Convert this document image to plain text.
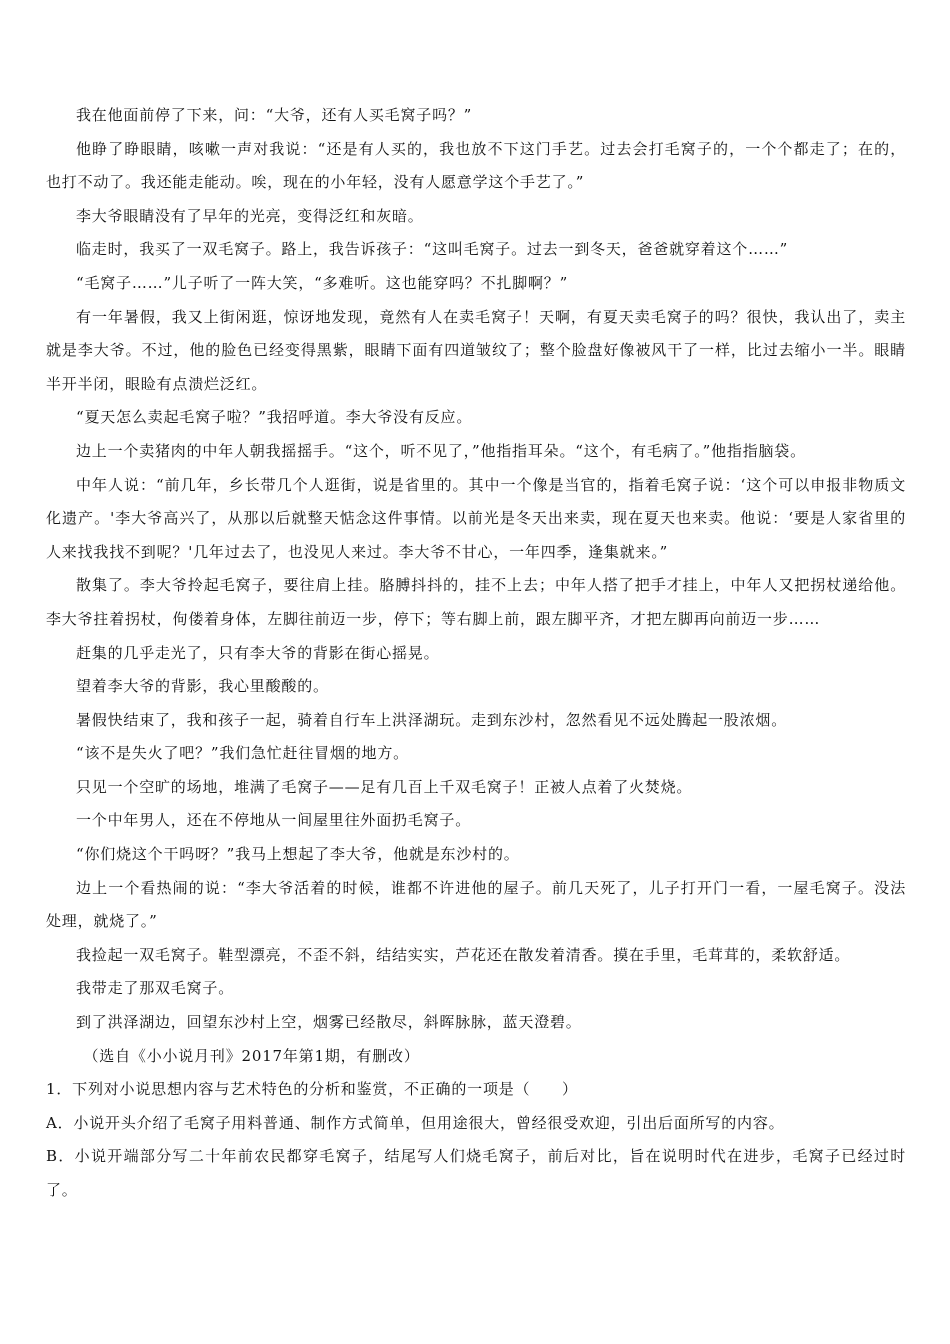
我在他面前停了下来，问：“大爷，还有人买毛窝子吗？”

他睁了睁眼睛，咳嗽一声对我说：“还是有人买的，我也放不下这门手艺。过去会打毛窝子的，一个个都走了；在的，也打不动了。我还能走能动。唉，现在的小年轻，没有人愿意学这个手艺了。”

李大爷眼睛没有了早年的光亮，变得泛红和灰暗。

临走时，我买了一双毛窝子。路上，我告诉孩子：“这叫毛窝子。过去一到冬天，爸爸就穿着这个……”

“毛窝子……”儿子听了一阵大笑，“多难听。这也能穿吗？不扎脚啊？”

有一年暑假，我又上街闲逛，惊讶地发现，竟然有人在卖毛窝子！天啊，有夏天卖毛窝子的吗？很快，我认出了，卖主就是李大爷。不过，他的脸色已经变得黑紫，眼睛下面有四道皱纹了；整个脸盘好像被风干了一样，比过去缩小一半。眼睛半开半闭，眼睑有点溃烂泛红。

“夏天怎么卖起毛窝子啦？”我招呼道。李大爷没有反应。

边上一个卖猪肉的中年人朝我摇摇手。“这个，听不见了，”他指指耳朵。“这个，有毛病了。”他指指脑袋。

中年人说：“前几年，乡长带几个人逛街，说是省里的。其中一个像是当官的，指着毛窝子说：‘这个可以申报非物质文化遗产。'李大爷高兴了，从那以后就整天惦念这件事情。以前光是冬天出来卖，现在夏天也来卖。他说：‘要是人家省里的人来找我找不到呢？'几年过去了，也没见人来过。李大爷不甘心，一年四季，逢集就来。”

散集了。李大爷拎起毛窝子，要往肩上挂。胳膊抖抖的，挂不上去；中年人搭了把手才挂上，中年人又把拐杖递给他。李大爷拄着拐杖，佝偻着身体，左脚往前迈一步，停下；等右脚上前，跟左脚平齐，才把左脚再向前迈一步……

赶集的几乎走光了，只有李大爷的背影在街心摇晃。

望着李大爷的背影，我心里酸酸的。

暑假快结束了，我和孩子一起，骑着自行车上洪泽湖玩。走到东沙村，忽然看见不远处腾起一股浓烟。

“该不是失火了吧？”我们急忙赶往冒烟的地方。

只见一个空旷的场地，堆满了毛窝子——足有几百上千双毛窝子！正被人点着了火焚烧。

一个中年男人，还在不停地从一间屋里往外面扔毛窝子。

“你们烧这个干吗呀？”我马上想起了李大爷，他就是东沙村的。

边上一个看热闹的说：“李大爷活着的时候，谁都不许进他的屋子。前几天死了，儿子打开门一看，一屋毛窝子。没法处理，就烧了。”

我捡起一双毛窝子。鞋型漂亮，不歪不斜，结结实实，芦花还在散发着清香。摸在手里，毛茸茸的，柔软舒适。

我带走了那双毛窝子。

到了洪泽湖边，回望东沙村上空，烟雾已经散尽，斜晖脉脉，蓝天澄碧。

（选自《小小说月刊》2017年第1期，有删改）

1．下列对小说思想内容与艺术特色的分析和鉴赏，不正确的一项是（　　）

A．小说开头介绍了毛窝子用料普通、制作方式简单，但用途很大，曾经很受欢迎，引出后面所写的内容。

B．小说开端部分写二十年前农民都穿毛窝子，结尾写人们烧毛窝子，前后对比，旨在说明时代在进步，毛窝子已经过时了。
